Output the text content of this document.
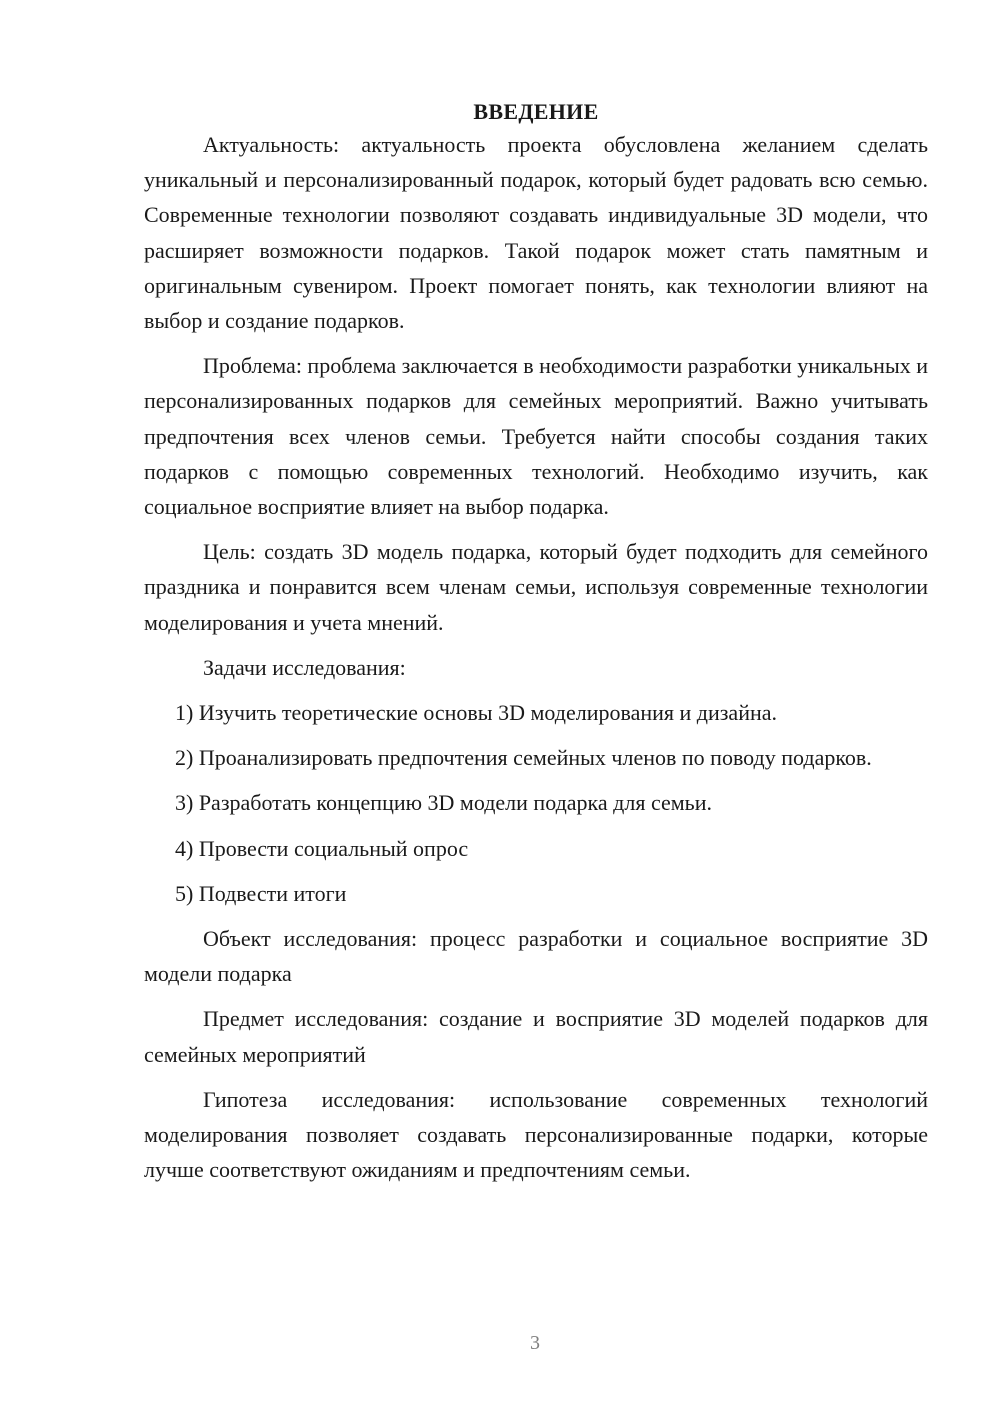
ВВЕДЕНИЕ

Актуальность: актуальность проекта обусловлена желанием сделать уникальный и персонализированный подарок, который будет радовать всю семью. Современные технологии позволяют создавать индивидуальные 3D модели, что расширяет возможности подарков. Такой подарок может стать памятным и оригинальным сувениром. Проект помогает понять, как технологии влияют на выбор и создание подарков.

Проблема: проблема заключается в необходимости разработки уникальных и персонализированных подарков для семейных мероприятий. Важно учитывать предпочтения всех членов семьи. Требуется найти способы создания таких подарков с помощью современных технологий. Необходимо изучить, как социальное восприятие влияет на выбор подарка.

Цель: создать 3D модель подарка, который будет подходить для семейного праздника и понравится всем членам семьи, используя современные технологии моделирования и учета мнений.

Задачи исследования:

1) Изучить теоретические основы 3D моделирования и дизайна.

2) Проанализировать предпочтения семейных членов по поводу подарков.

3) Разработать концепцию 3D модели подарка для семьи.

4) Провести социальный опрос

5) Подвести итоги

Объект исследования: процесс разработки и социальное восприятие 3D модели подарка

Предмет исследования: создание и восприятие 3D моделей подарков для семейных мероприятий

Гипотеза исследования: использование современных технологий моделирования позволяет создавать персонализированные подарки, которые лучше соответствуют ожиданиям и предпочтениям семьи.

3
